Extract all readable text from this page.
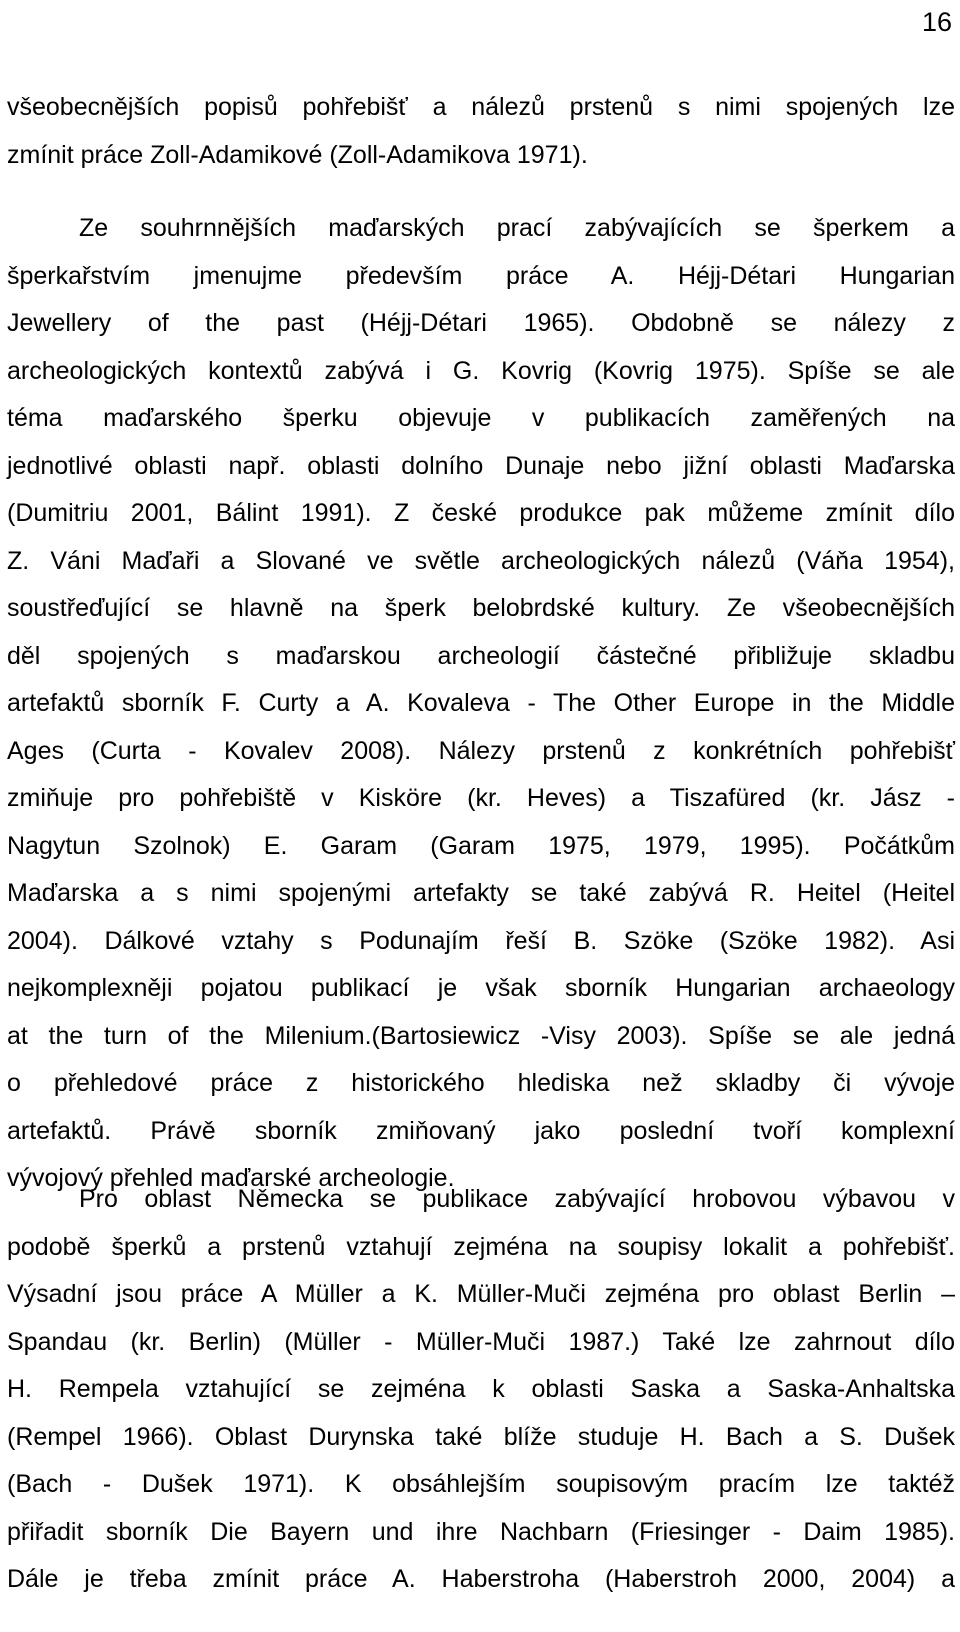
16
všeobecnějších popisů pohřebišť a nálezů prstenů s nimi spojených lze
zmínit práce Zoll-Adamikové (Zoll-Adamikova 1971).
Ze souhrnnějších maďarských prací zabývajících se šperkem a
šperkařstvím jmenujme především práce A. Héjj-Détari Hungarian
Jewellery of the past (Héjj-Détari 1965). Obdobně se nálezy z
archeologických kontextů zabývá i G. Kovrig (Kovrig 1975). Spíše se ale
téma maďarského šperku objevuje v publikacích zaměřených na
jednotlivé oblasti např. oblasti dolního Dunaje nebo jižní oblasti Maďarska
(Dumitriu 2001, Bálint 1991). Z české produkce pak můžeme zmínit dílo
Z. Váni Maďaři a Slované ve světle archeologických nálezů (Váňa 1954),
soustřeďující se hlavně na šperk belobrdské kultury. Ze všeobecnějších
děl spojených s maďarskou archeologií částečné přibližuje skladbu
artefaktů sborník F. Curty a A. Kovaleva - The Other Europe in the Middle
Ages (Curta - Kovalev 2008). Nálezy prstenů z konkrétních pohřebišť
zmiňuje pro pohřebiště v Kisköre (kr. Heves) a Tiszafüred (kr. Jász -
Nagytun Szolnok) E. Garam (Garam 1975, 1979, 1995). Počátkům
Maďarska a s nimi spojenými artefakty se také zabývá R. Heitel (Heitel
2004). Dálkové vztahy s Podunajím řeší B. Szöke (Szöke 1982). Asi
nejkomplexněji pojatou publikací je však sborník Hungarian archaeology
at the turn of the Milenium.(Bartosiewicz -Visy 2003). Spíše se ale jedná
o přehledové práce z historického hlediska než skladby či vývoje
artefaktů. Právě sborník zmiňovaný jako poslední tvoří komplexní
vývojový přehled maďarské archeologie.
Pro oblast Německa se publikace zabývající hrobovou výbavou v
podobě šperků a prstenů vztahují zejména na soupisy lokalit a pohřebišť.
Výsadní jsou práce A Müller a K. Müller-Muči zejména pro oblast Berlin –
Spandau (kr. Berlin) (Müller - Müller-Muči 1987.) Také lze zahrnout dílo
H. Rempela vztahující se zejména k oblasti Saska a Saska-Anhaltska
(Rempel 1966). Oblast Durynska také blíže studuje H. Bach a S. Dušek
(Bach - Dušek 1971). K obsáhlejším soupisovým pracím lze taktéž
přiřadit sborník Die Bayern und ihre Nachbarn (Friesinger - Daim 1985).
Dále je třeba zmínit práce A. Haberstroha (Haberstroh 2000, 2004) a
